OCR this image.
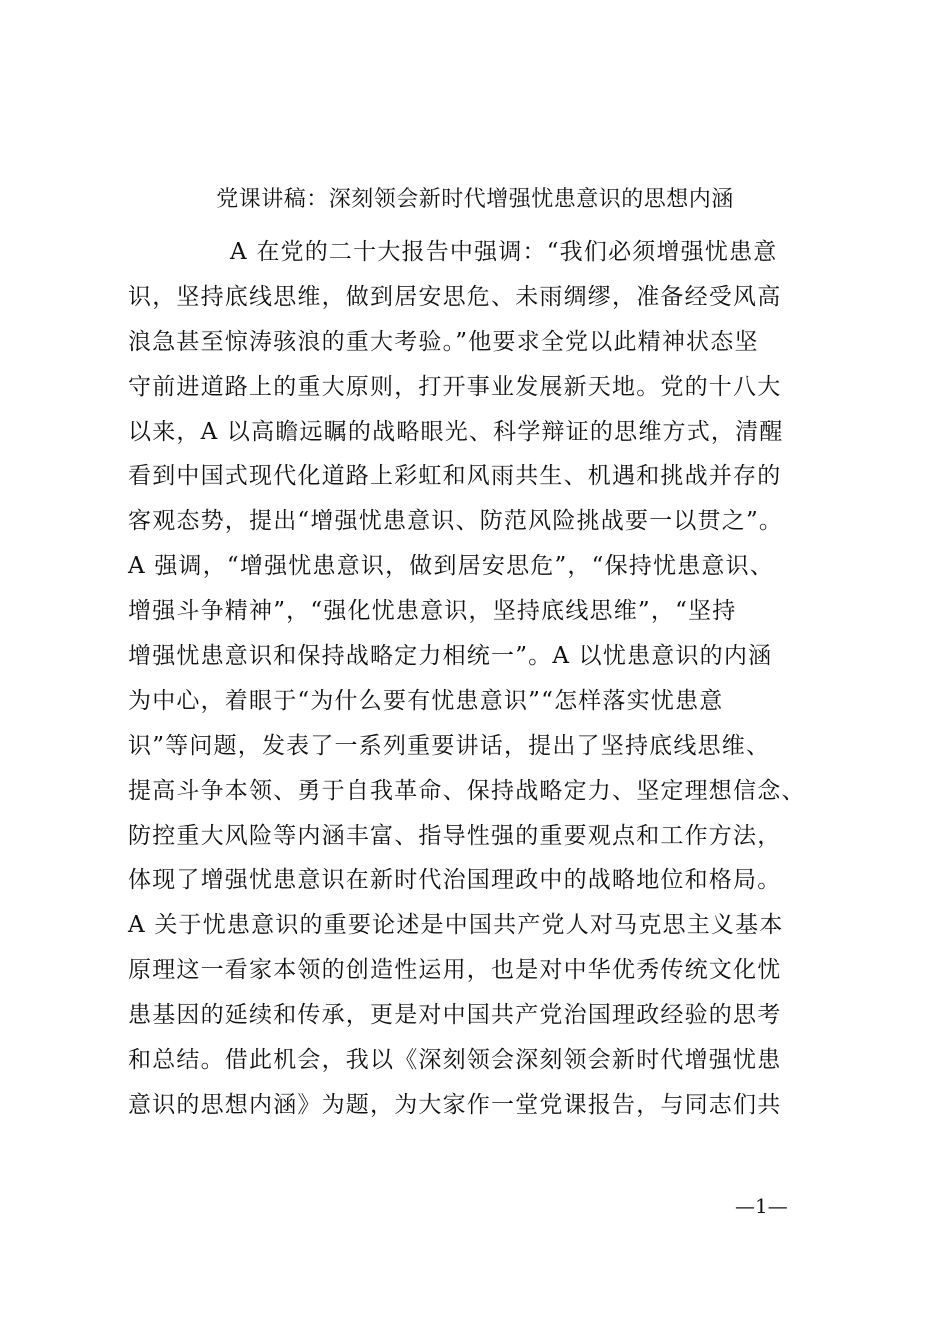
党课讲稿：深刻领会新时代增强忧患意识的思想内涵
A 在党的二十大报告中强调：“我们必须增强忧患意
识，坚持底线思维，做到居安思危、未雨绸缪，准备经受风高
浪急甚至惊涛骇浪的重大考验。”他要求全党以此精神状态坚
守前进道路上的重大原则，打开事业发展新天地。党的十八大
以来，A 以高瞻远瞩的战略眼光、科学辩证的思维方式，清醒
看到中国式现代化道路上彩虹和风雨共生、机遇和挑战并存的
客观态势，提出“增强忧患意识、防范风险挑战要一以贯之”。
A 强调，“增强忧患意识，做到居安思危”，“保持忧患意识、
增强斗争精神”，“强化忧患意识，坚持底线思维”，“坚持
增强忧患意识和保持战略定力相统一”。A 以忧患意识的内涵
为中心，着眼于“为什么要有忧患意识”“怎样落实忧患意
识”等问题，发表了一系列重要讲话，提出了坚持底线思维、
提高斗争本领、勇于自我革命、保持战略定力、坚定理想信念、
防控重大风险等内涵丰富、指导性强的重要观点和工作方法，
体现了增强忧患意识在新时代治国理政中的战略地位和格局。
A 关于忧患意识的重要论述是中国共产党人对马克思主义基本
原理这一看家本领的创造性运用，也是对中华优秀传统文化忧
患基因的延续和传承，更是对中国共产党治国理政经验的思考
和总结。借此机会，我以《深刻领会深刻领会新时代增强忧患
意识的思想内涵》为题，为大家作一堂党课报告，与同志们共
—1—
